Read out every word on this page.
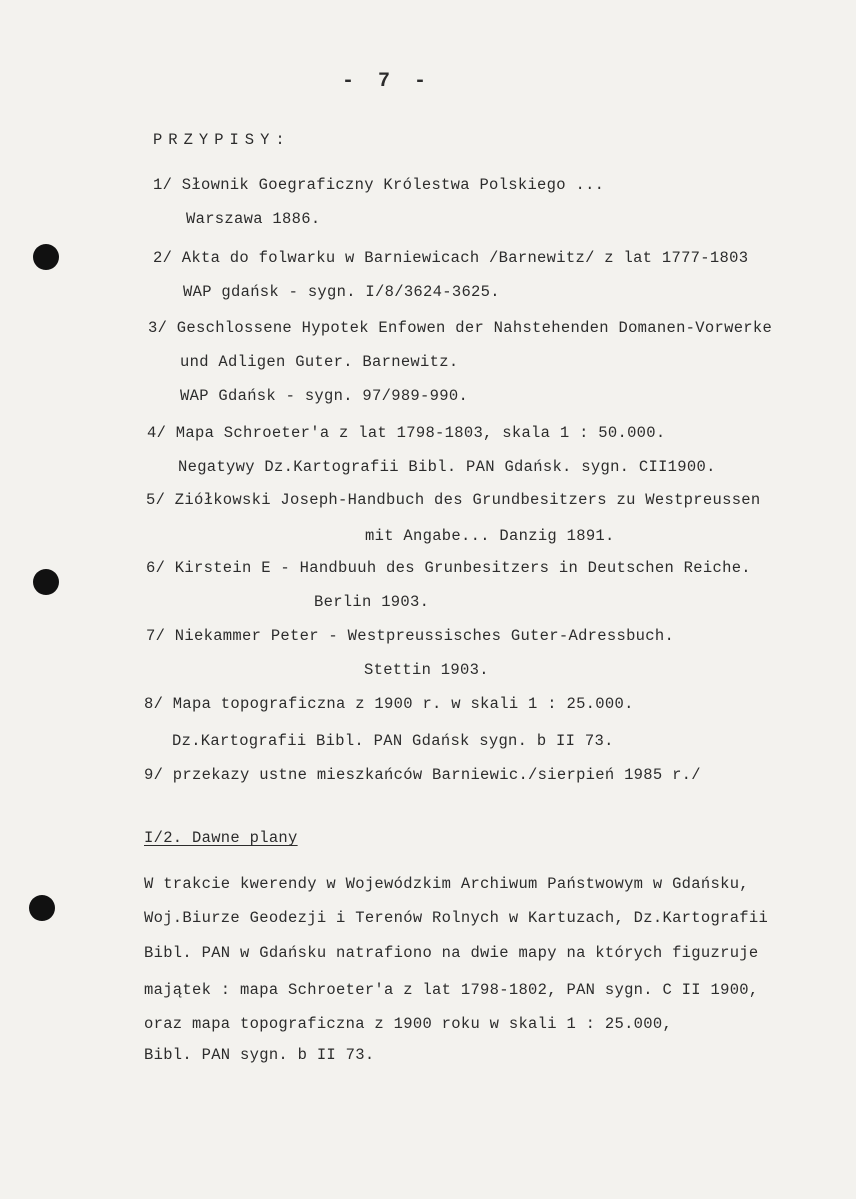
- 7 -
PRZYPISY:
1/ Słownik Goegraficzny Królestwa Polskiego ...
Warszawa 1886.
2/ Akta do folwarku w Barniewicach /Barnewitz/ z lat 1777-1803
WAP gdańsk - sygn. I/8/3624-3625.
3/ Geschlossene Hypotek Enfowen der Nahstehenden Domanen-Vorwerke
und Adligen Guter. Barnewitz.
WAP Gdańsk - sygn. 97/989-990.
4/ Mapa Schroeter'a z lat 1798-1803, skala 1 : 50.000.
Negatywy Dz.Kartografii Bibl. PAN Gdańsk. sygn. CII1900.
5/ Ziółkowski Joseph-Handbuch des Grundbesitzers zu Westpreussen
mit Angabe... Danzig 1891.
6/ Kirstein E - Handbuuh des Grunbesitzers in Deutschen Reiche.
Berlin 1903.
7/ Niekammer Peter - Westpreussisches Guter-Adressbuch.
Stettin 1903.
8/ Mapa topograficzna z 1900 r. w skali 1 : 25.000.
Dz.Kartografii Bibl. PAN Gdańsk sygn. b II 73.
9/ przekazy ustne mieszkańców Barniewic./sierpień 1985 r./
I/2. Dawne plany
W trakcie kwerendy w Wojewódzkim Archiwum Państwowym w Gdańsku,
Woj.Biurze Geodezji i Terenów Rolnych w Kartuzach, Dz.Kartografii
Bibl. PAN w Gdańsku natrafiono na dwie mapy na których figuzruje
majątek : mapa Schroeter'a z lat 1798-1802, PAN sygn. C II 1900,
oraz mapa topograficzna z 1900 roku w skali 1 : 25.000,
Bibl. PAN sygn. b II 73.
